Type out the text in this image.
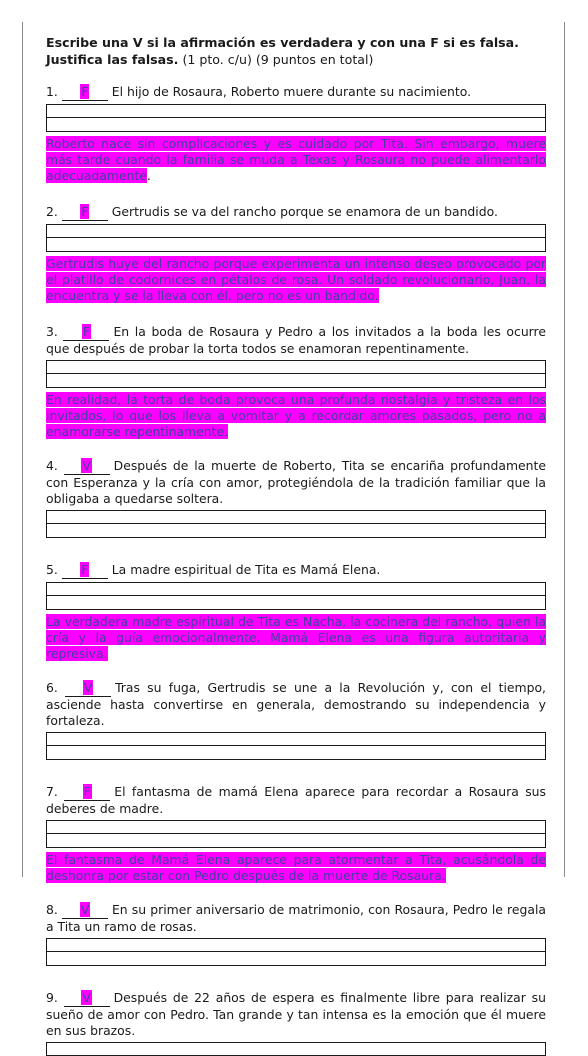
Escribe una V si la afirmación es verdadera y con una F si es falsa. Justifica las falsas. (1 pto. c/u) (9 puntos en total)

1. F El hijo de Rosaura, Roberto muere durante su nacimiento.

Roberto nace sin complicaciones y es cuidado por Tita. Sin embargo, muere más tarde cuando la familia se muda a Texas y Rosaura no puede alimentarlo adecuadamente.

2. F Gertrudis se va del rancho porque se enamora de un bandido.

Gertrudis huye del rancho porque experimenta un intenso deseo provocado por el platillo de codornices en pétalos de rosa. Un soldado revolucionario, Juan, la encuentra y se la lleva con él, pero no es un bandido.

3. F En la boda de Rosaura y Pedro a los invitados a la boda les ocurre que después de probar la torta todos se enamoran repentinamente.

En realidad, la torta de boda provoca una profunda nostalgia y tristeza en los invitados, lo que los lleva a vomitar y a recordar amores pasados, pero no a enamorarse repentinamente.

4. V Después de la muerte de Roberto, Tita se encariña profundamente con Esperanza y la cría con amor, protegiéndola de la tradición familiar que la obligaba a quedarse soltera.

5. F La madre espiritual de Tita es Mamá Elena.

La verdadera madre espiritual de Tita es Nacha, la cocinera del rancho, quien la cría y la guía emocionalmente. Mamá Elena es una figura autoritaria y represiva.

6. V Tras su fuga, Gertrudis se une a la Revolución y, con el tiempo, asciende hasta convertirse en generala, demostrando su independencia y fortaleza.

7. F El fantasma de mamá Elena aparece para recordar a Rosaura sus deberes de madre.

El fantasma de Mamá Elena aparece para atormentar a Tita, acusándola de deshonra por estar con Pedro después de la muerte de Rosaura.

8. V En su primer aniversario de matrimonio, con Rosaura, Pedro le regala a Tita un ramo de rosas.

9. V Después de 22 años de espera es finalmente libre para realizar su sueño de amor con Pedro. Tan grande y tan intensa es la emoción que él muere en sus brazos.
